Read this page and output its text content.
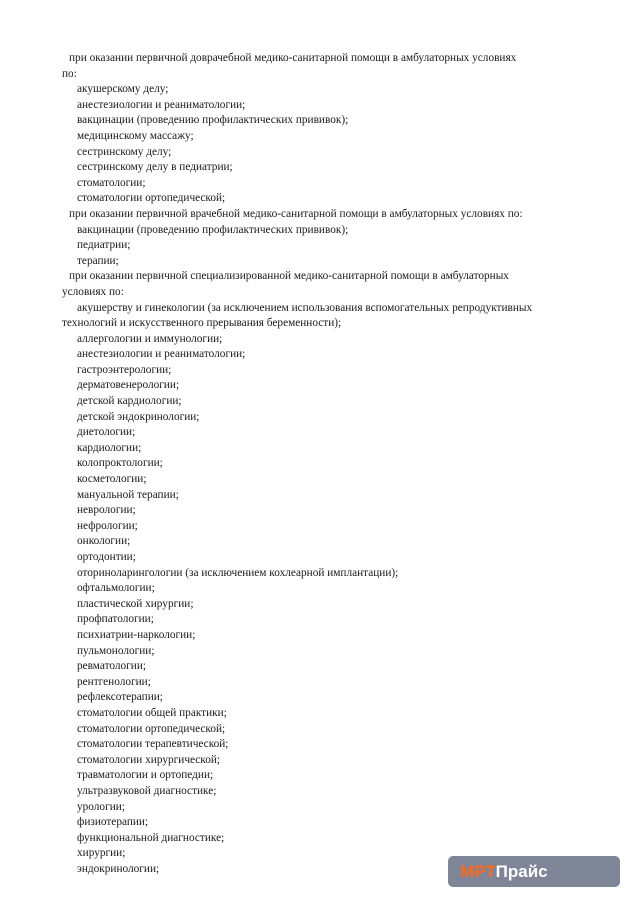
при оказании первичной доврачебной медико-санитарной помощи в амбулаторных условиях
по:
акушерскому делу;
анестезиологии и реаниматологии;
вакцинации (проведению профилактических прививок);
медицинскому массажу;
сестринскому делу;
сестринскому делу в педиатрии;
стоматологии;
стоматологии ортопедической;
при оказании первичной врачебной медико-санитарной помощи в амбулаторных условиях по:
вакцинации (проведению профилактических прививок);
педиатрии;
терапии;
при оказании первичной специализированной медико-санитарной помощи в амбулаторных
условиях по:
акушерству и гинекологии (за исключением использования вспомогательных репродуктивных
технологий и искусственного прерывания беременности);
аллергологии и иммунологии;
анестезиологии и реаниматологии;
гастроэнтерологии;
дерматовенерологии;
детской кардиологии;
детской эндокринологии;
диетологии;
кардиологии;
колопроктологии;
косметологии;
мануальной терапии;
неврологии;
нефрологии;
онкологии;
ортодонтии;
оториноларингологии (за исключением кохлеарной имплантации);
офтальмологии;
пластической хирургии;
профпатологии;
психиатрии-наркологии;
пульмонологии;
ревматологии;
рентгенологии;
рефлексотерапии;
стоматологии общей практики;
стоматологии ортопедической;
стоматологии терапевтической;
стоматологии хирургической;
травматологии и ортопедии;
ультразвуковой диагностике;
урологии;
физиотерапии;
функциональной диагностике;
хирургии;
эндокринологии;	МРТ Прайс
